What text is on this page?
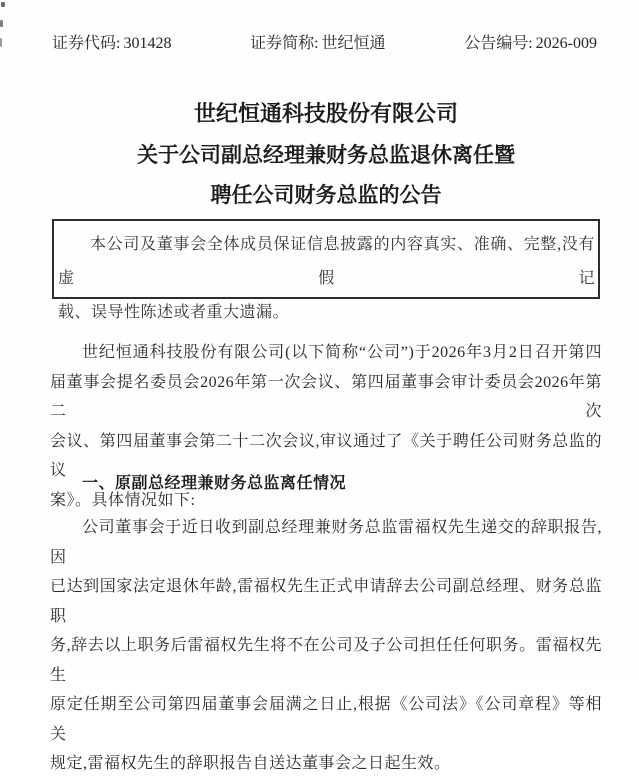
证券代码: 301428	证券简称: 世纪恒通	公告编号: 2026-009
世纪恒通科技股份有限公司
关于公司副总经理兼财务总监退休离任暨
聘任公司财务总监的公告
本公司及董事会全体成员保证信息披露的内容真实、准确、完整,没有虚假记
载、误导性陈述或者重大遗漏。
世纪恒通科技股份有限公司(以下简称“公司”)于2026年3月2日召开第四
届董事会提名委员会2026年第一次会议、第四届董事会审计委员会2026年第二次
会议、第四届董事会第二十二次会议,审议通过了《关于聘任公司财务总监的议
案》。具体情况如下:
一、原副总经理兼财务总监离任情况
公司董事会于近日收到副总经理兼财务总监雷福权先生递交的辞职报告,因
已达到国家法定退休年龄,雷福权先生正式申请辞去公司副总经理、财务总监职
务,辞去以上职务后雷福权先生将不在公司及子公司担任任何职务。雷福权先生
原定任期至公司第四届董事会届满之日止,根据《公司法》《公司章程》等相关
规定,雷福权先生的辞职报告自送达董事会之日起生效。
